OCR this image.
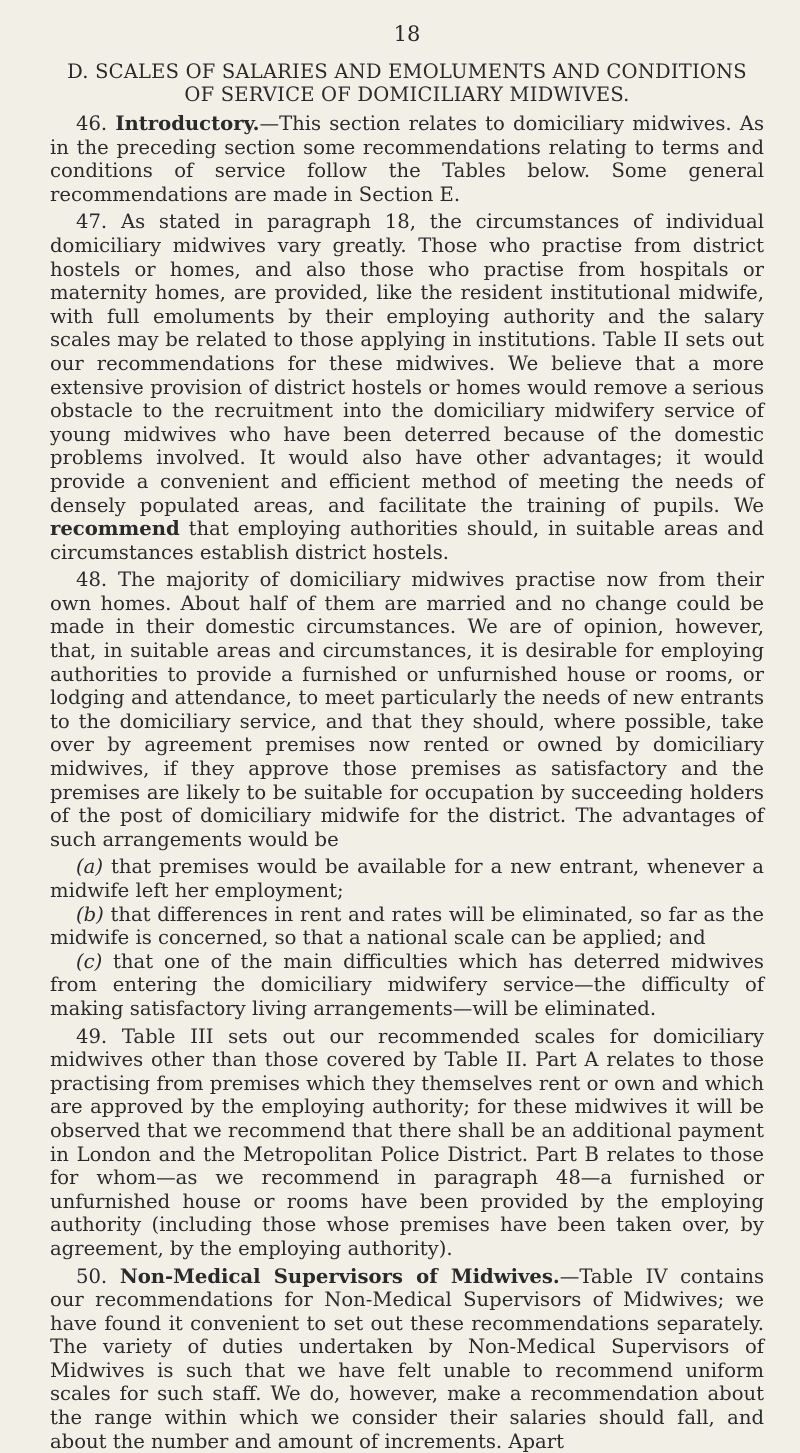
18
D. SCALES OF SALARIES AND EMOLUMENTS AND CONDITIONS
OF SERVICE OF DOMICILIARY MIDWIVES.

46. Introductory.—This section relates to domiciliary midwives. As in the preceding section some recommendations relating to terms and conditions of service follow the Tables below. Some general recommendations are made in Section E.

47. As stated in paragraph 18, the circumstances of individual domiciliary midwives vary greatly. Those who practise from district hostels or homes, and also those who practise from hospitals or maternity homes, are provided, like the resident institutional midwife, with full emoluments by their employing authority and the salary scales may be related to those applying in institutions. Table II sets out our recommendations for these midwives. We believe that a more extensive provision of district hostels or homes would remove a serious obstacle to the recruitment into the domiciliary midwifery service of young midwives who have been deterred because of the domestic problems involved. It would also have other advantages; it would provide a convenient and efficient method of meeting the needs of densely populated areas, and facilitate the training of pupils. We recommend that employing authorities should, in suitable areas and circumstances establish district hostels.

48. The majority of domiciliary midwives practise now from their own homes. About half of them are married and no change could be made in their domestic circumstances. We are of opinion, however, that, in suitable areas and circumstances, it is desirable for employing authorities to provide a furnished or unfurnished house or rooms, or lodging and attendance, to meet particularly the needs of new entrants to the domiciliary service, and that they should, where possible, take over by agreement premises now rented or owned by domiciliary midwives, if they approve those premises as satisfactory and the premises are likely to be suitable for occupation by succeeding holders of the post of domiciliary midwife for the district. The advantages of such arrangements would be

(a) that premises would be available for a new entrant, whenever a midwife left her employment;

(b) that differences in rent and rates will be eliminated, so far as the midwife is concerned, so that a national scale can be applied; and

(c) that one of the main difficulties which has deterred midwives from entering the domiciliary midwifery service—the difficulty of making satisfactory living arrangements—will be eliminated.

49. Table III sets out our recommended scales for domiciliary midwives other than those covered by Table II. Part A relates to those practising from premises which they themselves rent or own and which are approved by the employing authority; for these midwives it will be observed that we recommend that there shall be an additional payment in London and the Metropolitan Police District. Part B relates to those for whom—as we recommend in paragraph 48—a furnished or unfurnished house or rooms have been provided by the employing authority (including those whose premises have been taken over, by agreement, by the employing authority).

50. Non-Medical Supervisors of Midwives.—Table IV contains our recommendations for Non-Medical Supervisors of Midwives; we have found it convenient to set out these recommendations separately. The variety of duties undertaken by Non-Medical Supervisors of Midwives is such that we have felt unable to recommend uniform scales for such staff. We do, however, make a recommendation about the range within which we consider their salaries should fall, and about the number and amount of increments. Apart
